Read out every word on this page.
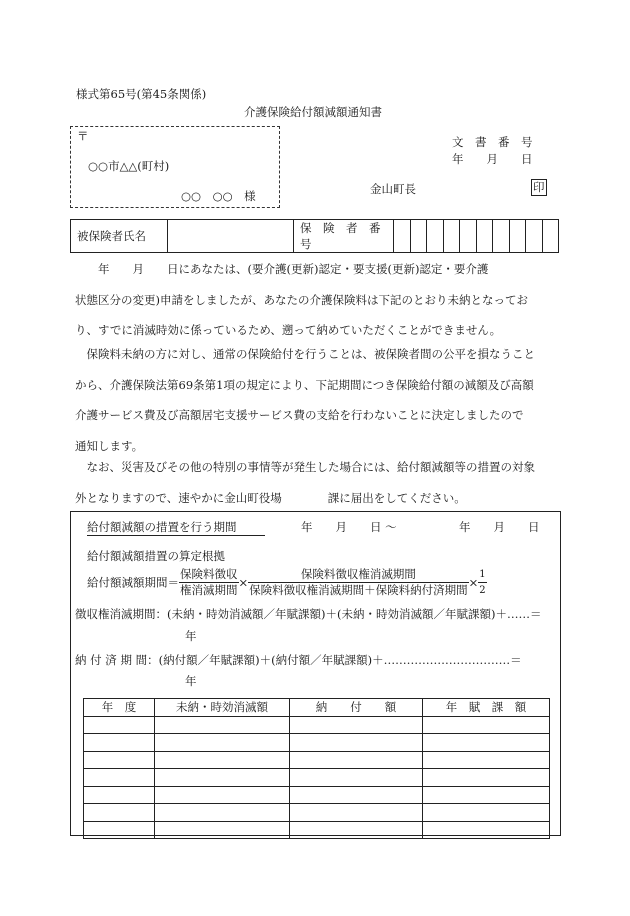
様式第65号(第45条関係)
介護保険給付額減額通知書
〒
○○市△△(町村)
○○　○○　様
文　書　番　号
年　　月　　日
金山町長	印
被保険者氏名		保　険　者　番　号										
　　年　　月　　日にあなたは、(要介護(更新)認定・要支援(更新)認定・要介護
状態区分の変更)申請をしましたが、あなたの介護保険料は下記のとおり未納となってお
り、すでに消滅時効に係っているため、遡って納めていただくことができません。
　保険料未納の方に対し、通常の保険給付を行うことは、被保険者間の公平を損なうこと
から、介護保険法第69条第1項の規定により、下記期間につき保険給付額の減額及び高額
介護サービス費及び高額居宅支援サービス費の支給を行わないことに決定しましたので
通知します。
　なお、災害及びその他の特別の事情等が発生した場合には、給付額減額等の措置の対象
外となりますので、速やかに金山町役場　　　　課に届出をしてください。
給付額減額の措置を行う期間	年　　月　　日 〜	年　　月　　日
給付額減額措置の算定根拠
給付額減額期間＝ $\frac{\text{保険料徴収}}{\text{権消滅期間}} \times \frac{\text{保険料徴収権消滅期間}}{\text{保険料徴収権消滅期間＋保険料納付済期間}} \times \frac{1}{2}$
徴収権消滅期間：(未納・時効消滅額／年賦課額)＋(未納・時効消滅額／年賦課額)＋……＝
年
納 付 済 期 間：(納付額／年賦課額)＋(納付額／年賦課額)＋……………………………＝
年
年　度	未納・時効消滅額	納　　付　　額	年　賦　課　額
